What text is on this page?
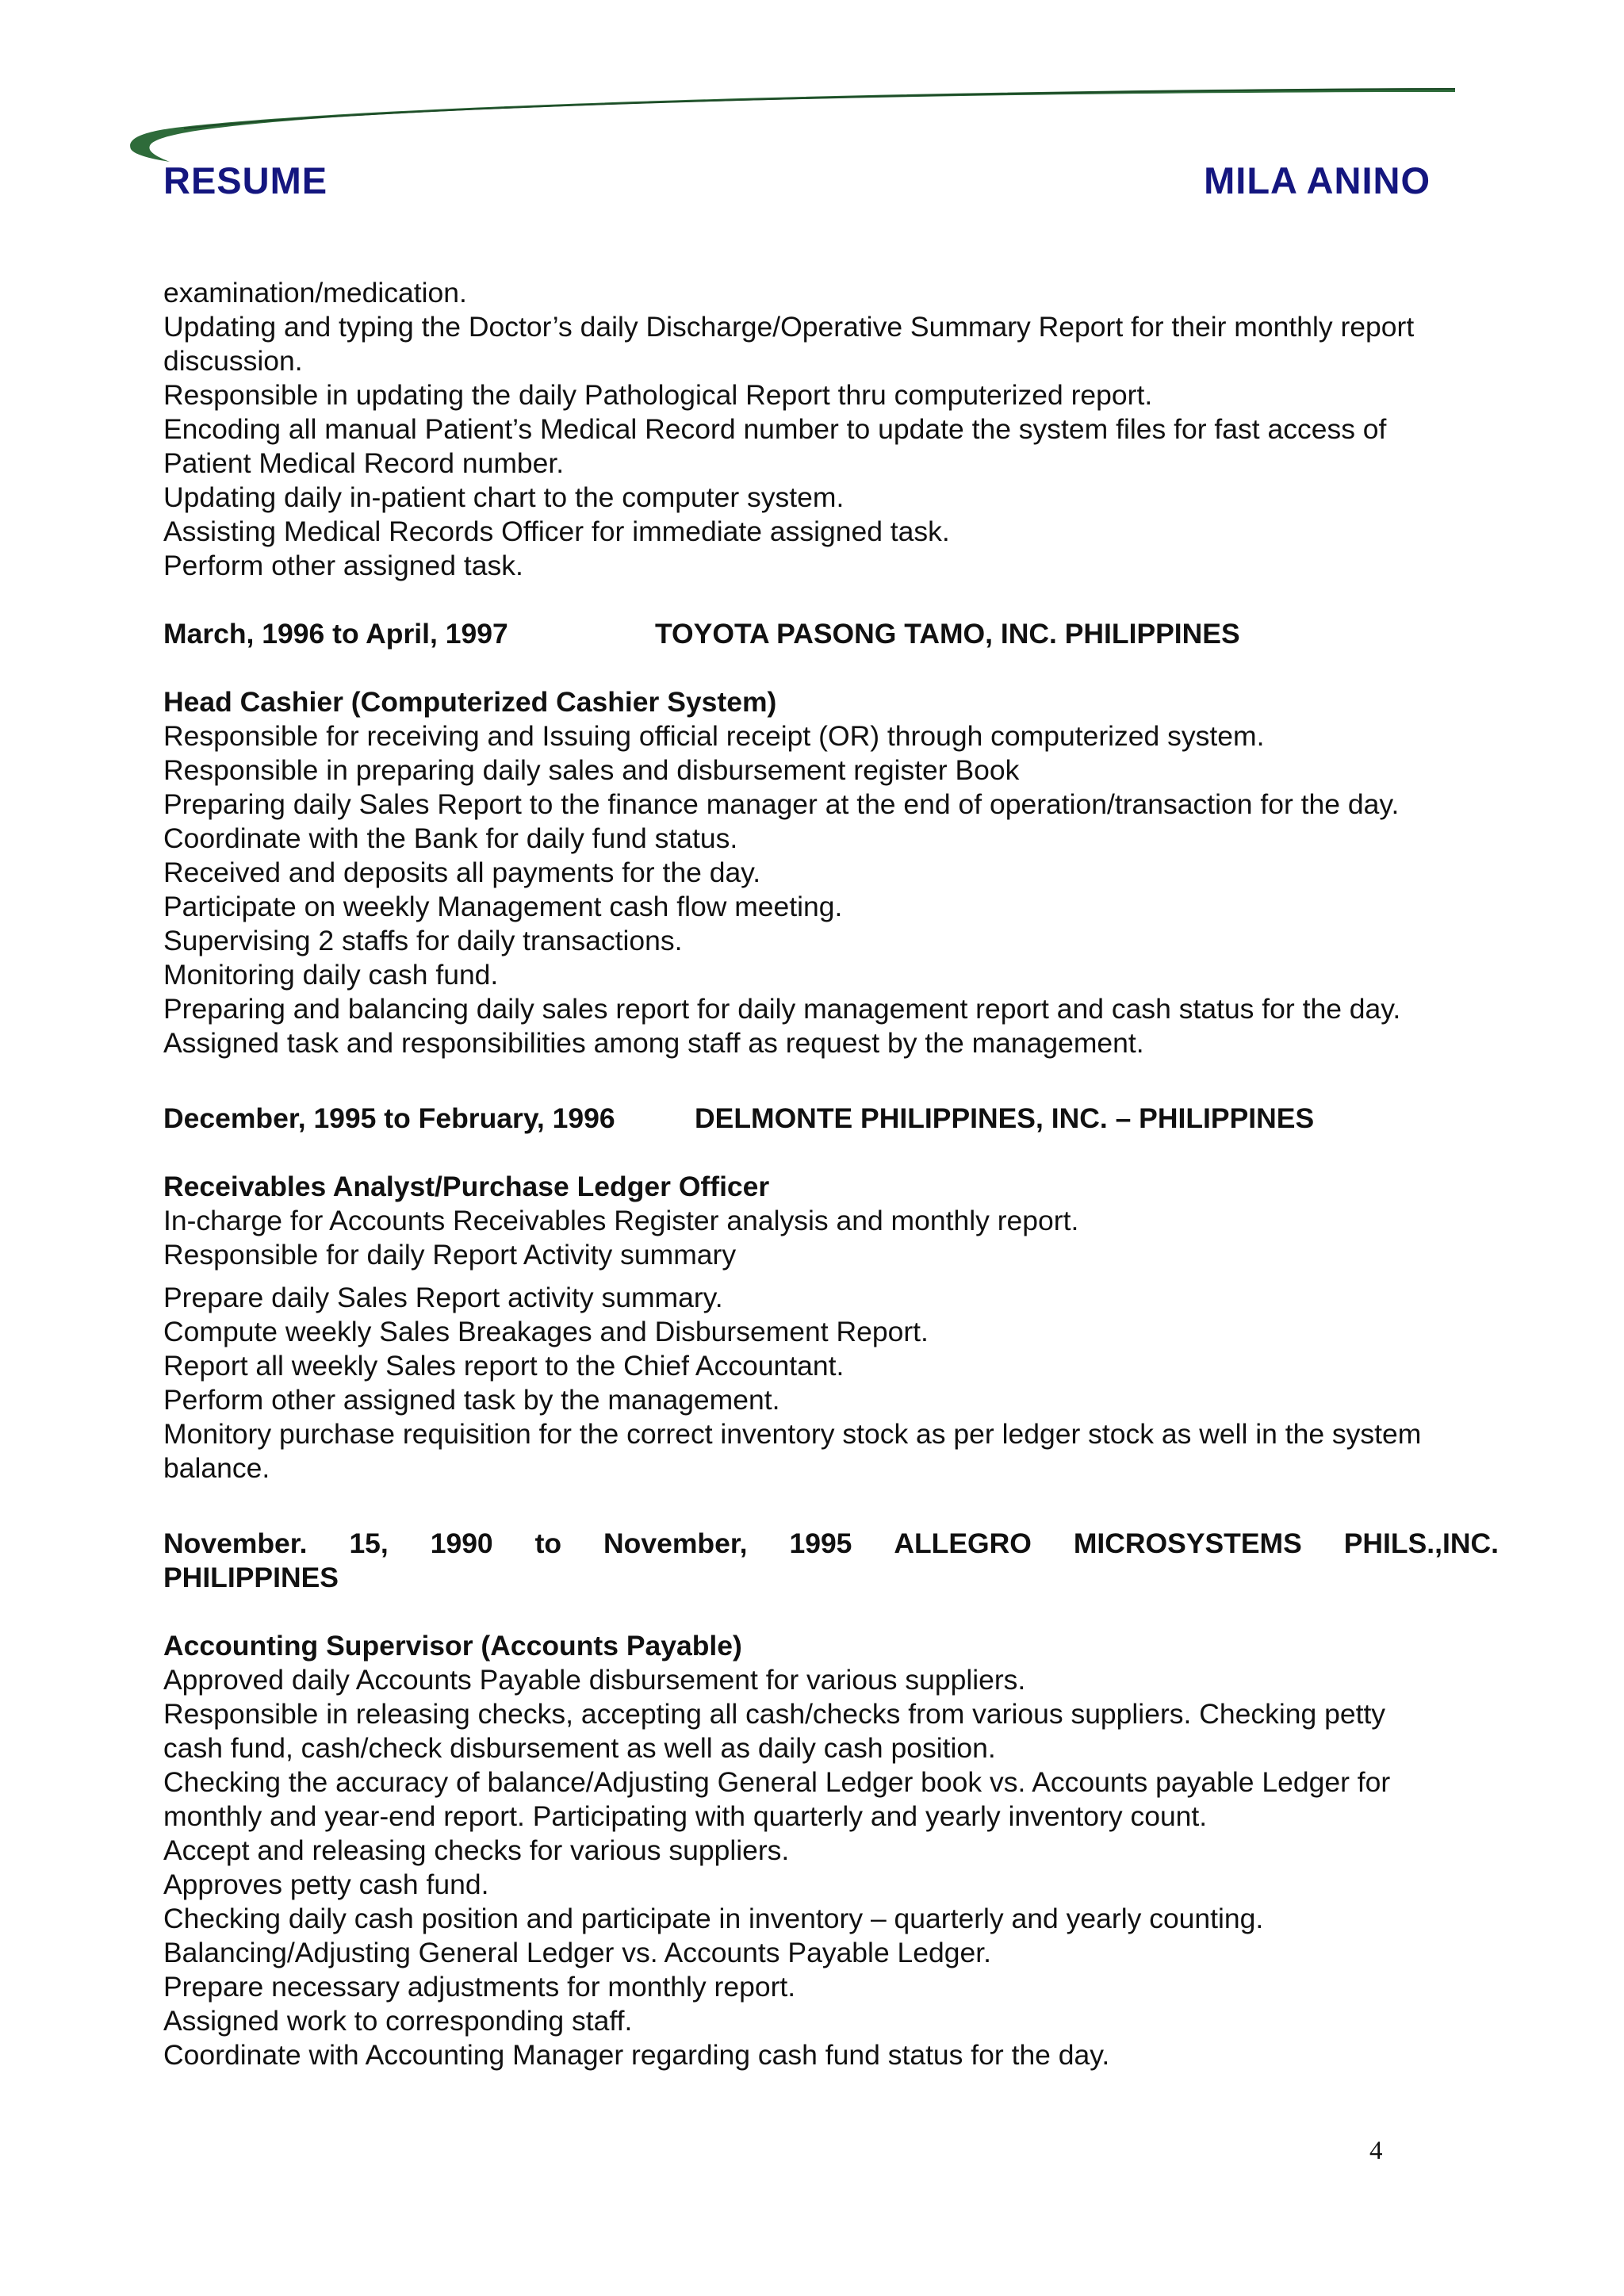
RESUME	MILA ANINO
examination/medication.
Updating and typing the Doctor’s daily Discharge/Operative Summary Report for their monthly report
discussion.
Responsible in updating the daily Pathological Report thru computerized report.
Encoding all manual Patient’s Medical Record number to update the system files for fast access of
Patient Medical Record number.
Updating daily in-patient chart to the computer system.
Assisting Medical Records Officer for immediate assigned task.
Perform other assigned task.
March, 1996 to April, 1997	TOYOTA PASONG TAMO, INC. PHILIPPINES
Head Cashier (Computerized Cashier System)
Responsible for receiving and Issuing official receipt (OR) through computerized system.
Responsible in preparing daily sales and disbursement register Book
Preparing daily Sales Report to the finance manager at the end of operation/transaction for the day.
Coordinate with the Bank for daily fund status.
Received and deposits all payments for the day.
Participate on weekly Management cash flow meeting.
Supervising 2 staffs for daily transactions.
Monitoring daily cash fund.
Preparing and balancing daily sales report for daily management report and cash status for the day.
Assigned task and responsibilities among staff as request by the management.
December, 1995 to February, 1996	DELMONTE PHILIPPINES, INC. – PHILIPPINES
Receivables Analyst/Purchase Ledger Officer
In-charge for Accounts Receivables Register analysis and monthly report.
Responsible for daily Report Activity summary
Prepare daily Sales Report activity summary.
Compute weekly Sales Breakages and Disbursement Report.
Report all weekly Sales report to the Chief Accountant.
Perform other assigned task by the management.
Monitory purchase requisition for the correct inventory stock as per ledger stock as well in the system
balance.
November. 15, 1990 to November, 1995 ALLEGRO MICROSYSTEMS PHILS.,INC.
PHILIPPINES
Accounting Supervisor (Accounts Payable)
Approved daily Accounts Payable disbursement for various suppliers.
Responsible in releasing checks, accepting all cash/checks from various suppliers. Checking petty
cash fund, cash/check disbursement as well as daily cash position.
Checking the accuracy of balance/Adjusting General Ledger book vs. Accounts payable Ledger for
monthly and year-end report. Participating with quarterly and yearly inventory count.
Accept and releasing checks for various suppliers.
Approves petty cash fund.
Checking daily cash position and participate in inventory – quarterly and yearly counting.
Balancing/Adjusting General Ledger vs. Accounts Payable Ledger.
Prepare necessary adjustments for monthly report.
Assigned work to corresponding staff.
Coordinate with Accounting Manager regarding cash fund status for the day.
4
